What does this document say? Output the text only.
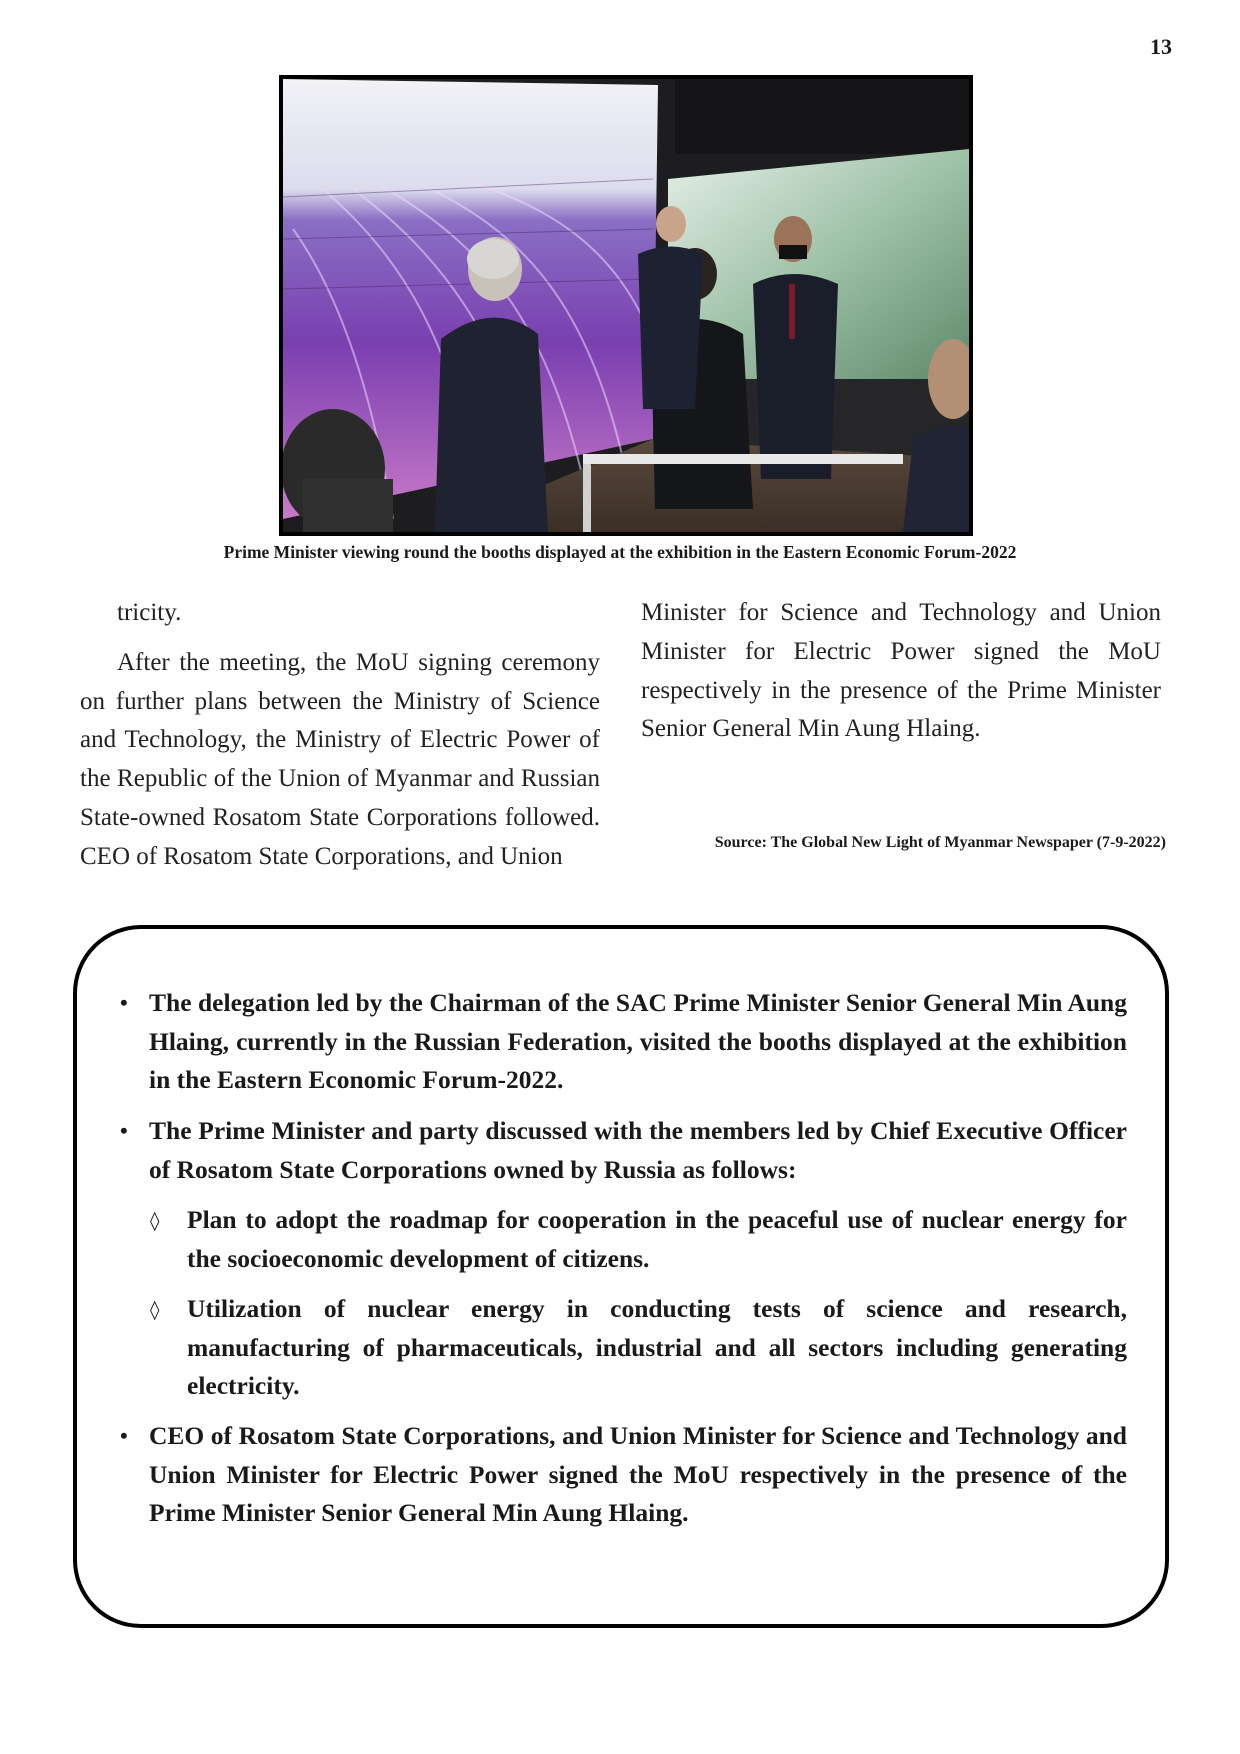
13
Prime Minister viewing round the booths displayed at the exhibition in the Eastern Economic Forum-2022

tricity.

After the meeting, the MoU signing ceremony on further plans between the Ministry of Science and Technology, the Ministry of Electric Power of the Republic of the Union of Myanmar and Russian State-owned Rosatom State Corporations followed. CEO of Rosatom State Corporations, and Union

Minister for Science and Technology and Union Minister for Electric Power signed the MoU respectively in the presence of the Prime Minister Senior General Min Aung Hlaing.

Source: The Global New Light of Myanmar Newspaper (7-9-2022)
• The delegation led by the Chairman of the SAC Prime Minister Senior General Min Aung Hlaing, currently in the Russian Federation, visited the booths displayed at the exhibition in the Eastern Economic Forum-2022.
• The Prime Minister and party discussed with the members led by Chief Executive Officer of Rosatom State Corporations owned by Russia as follows:
◊ Plan to adopt the roadmap for cooperation in the peaceful use of nuclear energy for the socioeconomic development of citizens.
◊ Utilization of nuclear energy in conducting tests of science and research, manufacturing of pharmaceuticals, industrial and all sectors including generating electricity.
• CEO of Rosatom State Corporations, and Union Minister for Science and Technology and Union Minister for Electric Power signed the MoU respectively in the presence of the Prime Minister Senior General Min Aung Hlaing.
